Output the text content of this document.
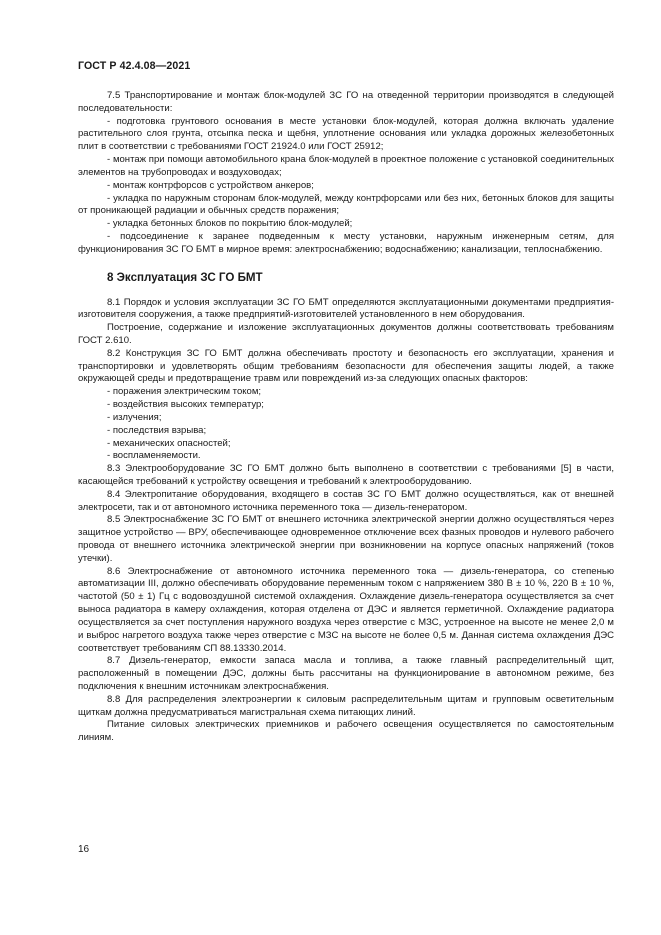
ГОСТ Р 42.4.08—2021

7.5 Транспортирование и монтаж блок-модулей ЗС ГО на отведенной территории производятся в следующей последовательности:

- подготовка грунтового основания в месте установки блок-модулей, которая должна включать удаление растительного слоя грунта, отсыпка песка и щебня, уплотнение основания или укладка дорожных железобетонных плит в соответствии с требованиями ГОСТ 21924.0 или ГОСТ 25912;

- монтаж при помощи автомобильного крана блок-модулей в проектное положение с установкой соединительных элементов на трубопроводах и воздуховодах;

- монтаж контрфорсов с устройством анкеров;

- укладка по наружным сторонам блок-модулей, между контрфорсами или без них, бетонных блоков для защиты от проникающей радиации и обычных средств поражения;

- укладка бетонных блоков по покрытию блок-модулей;

- подсоединение к заранее подведенным к месту установки, наружным инженерным сетям, для функционирования ЗС ГО БМТ в мирное время: электроснабжению; водоснабжению; канализации, теплоснабжению.

8 Эксплуатация ЗС ГО БМТ

8.1 Порядок и условия эксплуатации ЗС ГО БМТ определяются эксплуатационными документами предприятия-изготовителя сооружения, а также предприятий-изготовителей установленного в нем оборудования.

Построение, содержание и изложение эксплуатационных документов должны соответствовать требованиям ГОСТ 2.610.

8.2 Конструкция ЗС ГО БМТ должна обеспечивать простоту и безопасность его эксплуатации, хранения и транспортировки и удовлетворять общим требованиям безопасности для обеспечения защиты людей, а также окружающей среды и предотвращение травм или повреждений из-за следующих опасных факторов:

- поражения электрическим током;

- воздействия высоких температур;

- излучения;

- последствия взрыва;

- механических опасностей;

- воспламеняемости.

8.3 Электрооборудование ЗС ГО БМТ должно быть выполнено в соответствии с требованиями [5] в части, касающейся требований к устройству освещения и требований к электрооборудованию.

8.4 Электропитание оборудования, входящего в состав ЗС ГО БМТ должно осуществляться, как от внешней электросети, так и от автономного источника переменного тока — дизель-генератором.

8.5 Электроснабжение ЗС ГО БМТ от внешнего источника электрической энергии должно осуществляться через защитное устройство — ВРУ, обеспечивающее одновременное отключение всех фазных проводов и нулевого рабочего провода от внешнего источника электрической энергии при возникновении на корпусе опасных напряжений (токов утечки).

8.6 Электроснабжение от автономного источника переменного тока — дизель-генератора, со степенью автоматизации III, должно обеспечивать оборудование переменным током с напряжением 380 В ± 10 %, 220 В ± 10 %, частотой (50 ± 1) Гц с водовоздушной системой охлаждения. Охлаждение дизель-генератора осуществляется за счет выноса радиатора в камеру охлаждения, которая отделена от ДЭС и является герметичной. Охлаждение радиатора осуществляется за счет поступления наружного воздуха через отверстие с МЗС, устроенное на высоте не менее 2,0 м и выброс нагретого воздуха также через отверстие с МЗС на высоте не более 0,5 м. Данная система охлаждения ДЭС соответствует требованиям СП 88.13330.2014.

8.7 Дизель-генератор, емкости запаса масла и топлива, а также главный распределительный щит, расположенный в помещении ДЭС, должны быть рассчитаны на функционирование в автономном режиме, без подключения к внешним источникам электроснабжения.

8.8 Для распределения электроэнергии к силовым распределительным щитам и групповым осветительным щиткам должна предусматриваться магистральная схема питающих линий.

Питание силовых электрических приемников и рабочего освещения осуществляется по самостоятельным линиям.

16
